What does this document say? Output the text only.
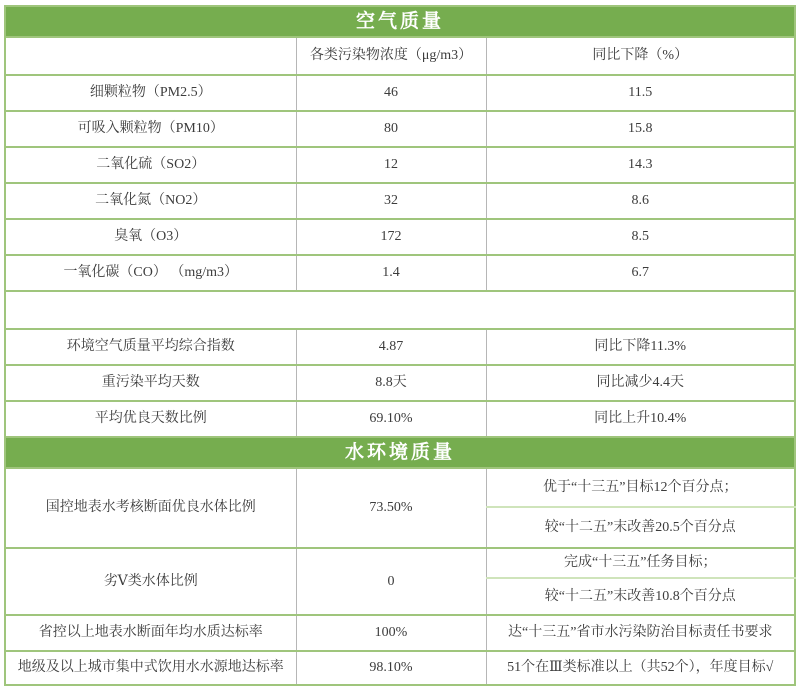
空气质量		
	各类污染物浓度（μg/m3）	同比下降（%）
细颗粒物（PM2.5）	46	11.5
可吸入颗粒物（PM10）	80	15.8
二氧化硫（SO2）	12	14.3
二氧化氮（NO2）	32	8.6
臭氧（O3）	172	8.5
一氧化碳（CO） （mg/m3）	1.4	6.7

环境空气质量平均综合指数	4.87	同比下降11.3%
重污染平均天数	8.8天	同比减少4.4天
平均优良天数比例	69.10%	同比上升10.4%
水环境质量		
国控地表水考核断面优良水体比例	73.50%	优于“十三五”目标12个百分点；
		较“十二五”末改善20.5个百分点
劣Ⅴ类水体比例	0	完成“十三五”任务目标；
		较“十二五”末改善10.8个百分点
省控以上地表水断面年均水质达标率	100%	达“十三五”省市水污染防治目标责任书要求
地级及以上城市集中式饮用水水源地达标率	98.10%	51个在Ⅲ类标准以上（共52个），年度目标√
